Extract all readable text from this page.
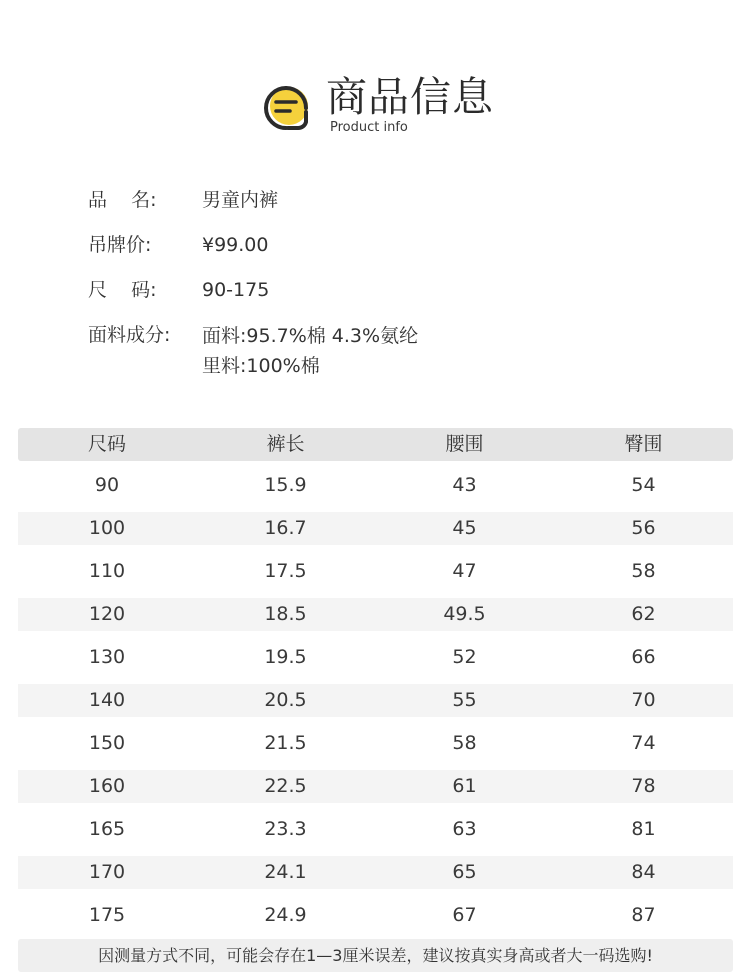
商品信息
Product info
品    名:	男童内裤
吊牌价:	¥99.00
尺    码:	90-175
面料成分:	面料:95.7%棉 4.3%氨纶
里料:100%棉
尺码	裤长	腰围	臀围
90	15.9	43	54
100	16.7	45	56
110	17.5	47	58
120	18.5	49.5	62
130	19.5	52	66
140	20.5	55	70
150	21.5	58	74
160	22.5	61	78
165	23.3	63	81
170	24.1	65	84
175	24.9	67	87
因测量方式不同，可能会存在1—3厘米误差，建议按真实身高或者大一码选购!
